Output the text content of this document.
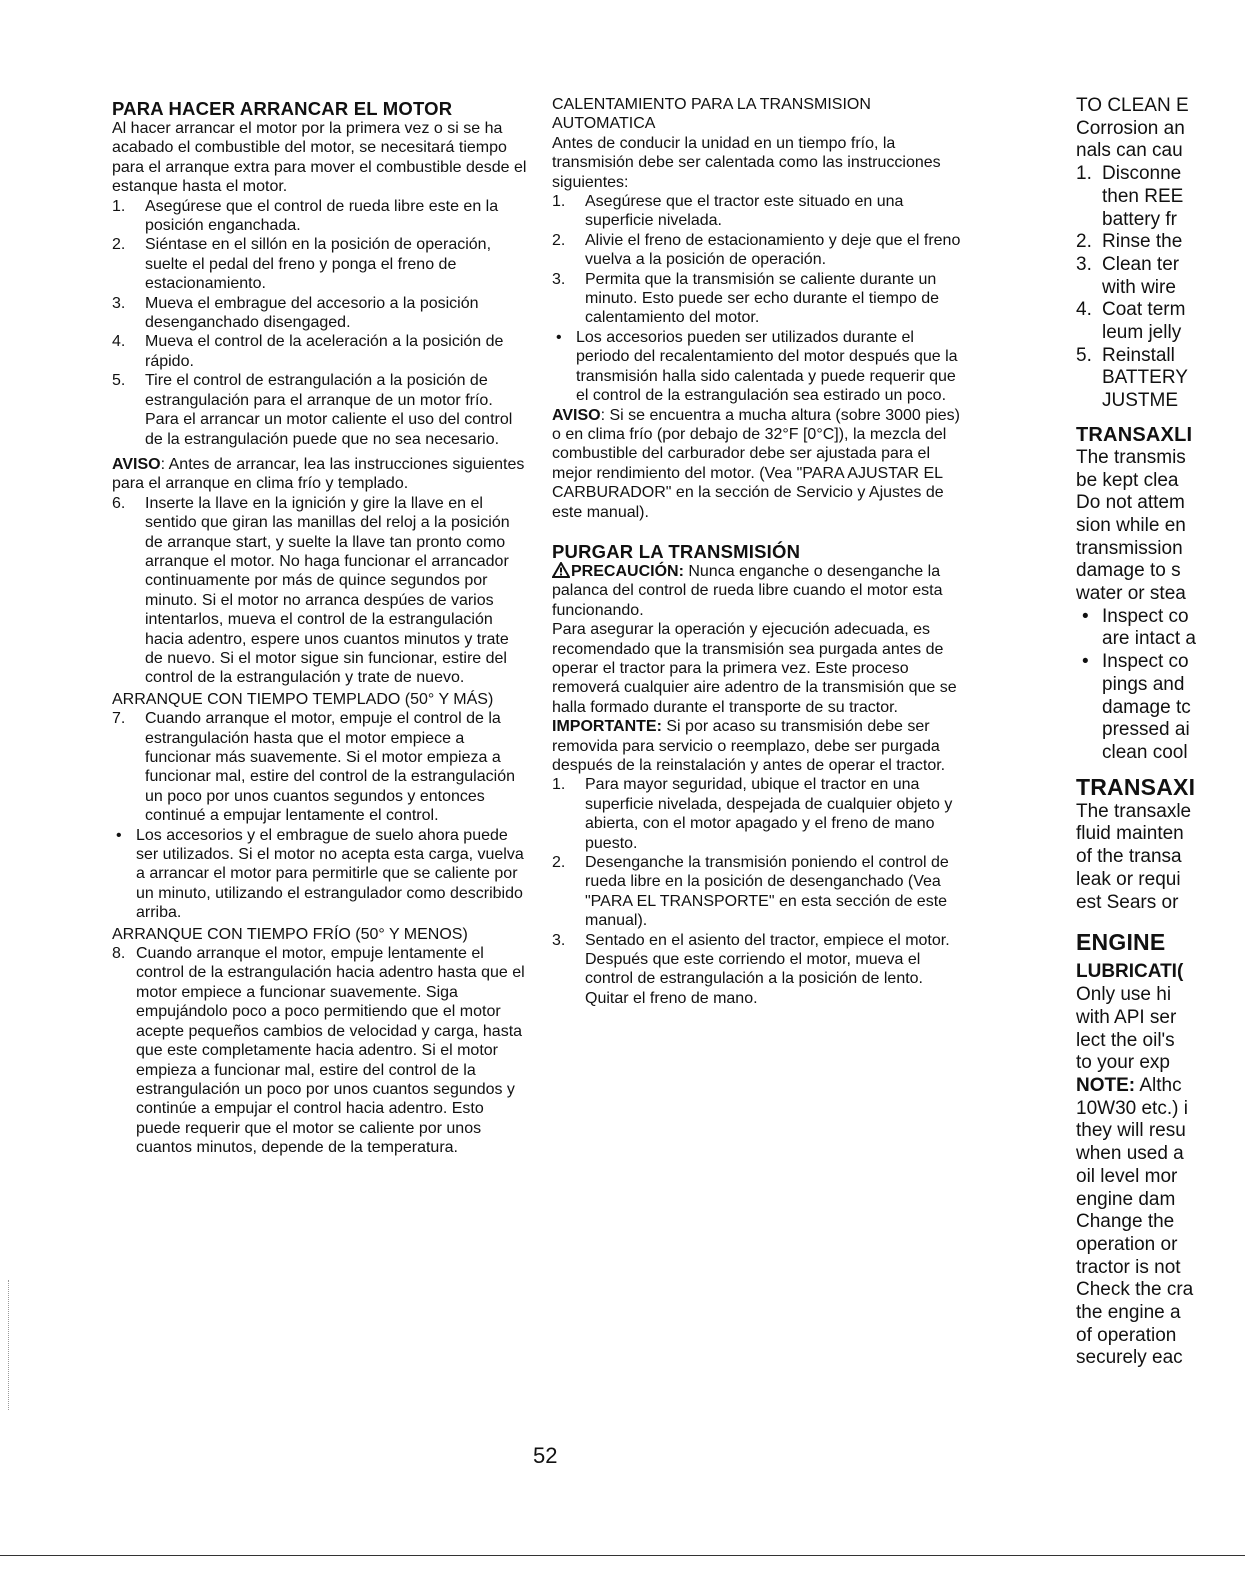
PARA HACER ARRANCAR EL MOTOR

Al hacer arrancar el motor por la primera vez o si se ha acabado el combustible del motor, se necesitará tiempo para el arranque extra para mover el combustible desde el estanque hasta el motor.

1. Asegúrese que el control de rueda libre este en la posición enganchada.
2. Siéntase en el sillón en la posición de operación, suelte el pedal del freno y ponga el freno de estacionamiento.
3. Mueva el embrague del accesorio a la posición desenganchado disengaged.
4. Mueva el control de la aceleración a la posición de rápido.
5. Tire el control de estrangulación a la posición de estrangulación para el arranque de un motor frío. Para el arrancar un motor caliente el uso del control de la estrangulación puede que no sea necesario.

AVISO: Antes de arrancar, lea las instrucciones siguientes para el arranque en clima frío y templado.

6. Inserte la llave en la ignición y gire la llave en el sentido que giran las manillas del reloj a la posición de arranque start, y suelte la llave tan pronto como arranque el motor. No haga funcionar el arrancador continuamente por más de quince segundos por minuto. Si el motor no arranca despúes de varios intentarlos, mueva el control de la estrangulación hacia adentro, espere unos cuantos minutos y trate de nuevo. Si el motor sigue sin funcionar, estire del control de la estrangulación y trate de nuevo.

ARRANQUE CON TIEMPO TEMPLADO (50° Y MÁS)

7. Cuando arranque el motor, empuje el control de la estrangulación hasta que el motor empiece a funcionar más suavemente. Si el motor empieza a funcionar mal, estire del control de la estrangulación un poco por unos cuantos segundos y entonces continué a empujar lentamente el control.
• Los accesorios y el embrague de suelo ahora puede ser utilizados. Si el motor no acepta esta carga, vuelva a arrancar el motor para permitirle que se caliente por un minuto, utilizando el estrangulador como describido arriba.

ARRANQUE CON TIEMPO FRÍO (50° Y MENOS)

8. Cuando arranque el motor, empuje lentamente el control de la estrangulación hacia adentro hasta que el motor empiece a funcionar suavemente. Siga empujándolo poco a poco permitiendo que el motor acepte pequeños cambios de velocidad y carga, hasta que este completamente hacia adentro. Si el motor empieza a funcionar mal, estire del control de la estrangulación un poco por unos cuantos segundos y continúe a empujar el control hacia adentro. Esto puede requerir que el motor se caliente por unos cuantos minutos, depende de la temperatura.

CALENTAMIENTO PARA LA TRANSMISION

AUTOMATICA

Antes de conducir la unidad en un tiempo frío, la transmisión debe ser calentada como las instrucciones siguientes:

1. Asegúrese que el tractor este situado en una superficie nivelada.
2. Alivie el freno de estacionamiento y deje que el freno vuelva a la posición de operación.
3. Permita que la transmisión se caliente durante un minuto. Esto puede ser echo durante el tiempo de calentamiento del motor.
• Los accesorios pueden ser utilizados durante el periodo del recalentamiento del motor después que la transmisión halla sido calentada y puede requerir que el control de la estrangulación sea estirado un poco.

AVISO: Si se encuentra a mucha altura (sobre 3000 pies) o en clima frío (por debajo de 32°F [0°C]), la mezcla del combustible del carburador debe ser ajustada para el mejor rendimiento del motor. (Vea "PARA AJUSTAR EL CARBURADOR" en la sección de Servicio y Ajustes de este manual).

PURGAR LA TRANSMISIÓN

PRECAUCIÓN: Nunca enganche o desenganche la palanca del control de rueda libre cuando el motor esta funcionando.

Para asegurar la operación y ejecución adecuada, es recomendado que la transmisión sea purgada antes de operar el tractor para la primera vez. Este proceso removerá cualquier aire adentro de la transmisión que se halla formado durante el transporte de su tractor.

IMPORTANTE: Si por acaso su transmisión debe ser removida para servicio o reemplazo, debe ser purgada después de la reinstalación y antes de operar el tractor.

1. Para mayor seguridad, ubique el tractor en una superficie nivelada, despejada de cualquier objeto y abierta, con el motor apagado y el freno de mano puesto.
2. Desenganche la transmisión poniendo el control de rueda libre en la posición de desenganchado (Vea "PARA EL TRANSPORTE" en esta sección de este manual).
3. Sentado en el asiento del tractor, empiece el motor. Después que este corriendo el motor, mueva el control de estrangulación a la posición de lento. Quitar el freno de mano.

TO CLEAN E

Corrosion an

nals can cau

1. Disconne
then REE
battery fr
2. Rinse the
3. Clean ter
with wire
4. Coat term
leum jelly
5. Reinstall
BATTERY
JUSTME
TRANSAXLI

The transmis

be kept clea

Do not attem

sion while en

transmission

damage to s

water or stea

• Inspect co
are intact a
• Inspect co
pings and
damage tc
pressed ai
clean cool
TRANSAXI

The transaxle

fluid mainten

of the transa

leak or requi

est Sears or

ENGINE

LUBRICATI(

Only use hi

with API ser

lect the oil's

to your exp

NOTE: Althc

10W30 etc.) i

they will resu

when used a

oil level mor

engine dam

Change the

operation or

tractor is not

Check the cra

the engine a

of operation

securely eac

52
